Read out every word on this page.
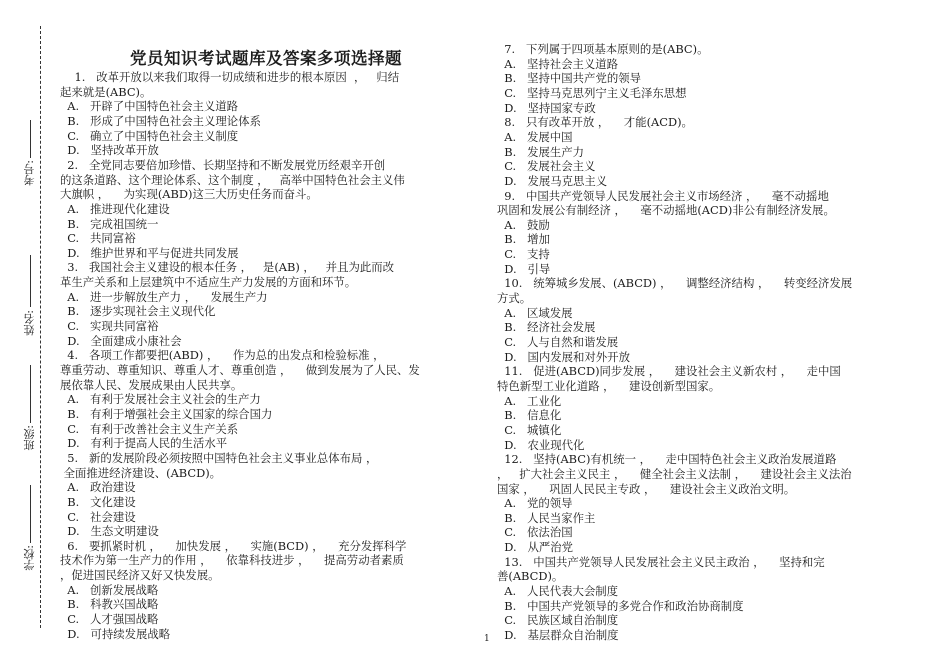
考号:
姓名:
班级:
学校:
党员知识考试题库及答案多项选择题
1.   改革开放以来我们取得一切成绩和进步的根本原因  ，   归结
起来就是(ABC)。
A.   开辟了中国特色社会主义道路
B.   形成了中国特色社会主义理论体系
C.   确立了中国特色社会主义制度
D.   坚持改革开放
2.   全党同志要倍加珍惜、长期坚持和不断发展党历经艰辛开创
的这条道路、这个理论体系、这个制度 ，   高举中国特色社会主义伟
大旗帜 ，    为实现(ABD)这三大历史任务而奋斗。
A.   推进现代化建设
B.   完成祖国统一
C.   共同富裕
D.   维护世界和平与促进共同发展
3.   我国社会主义建设的根本任务 ，   是(AB) ，   并且为此而改
革生产关系和上层建筑中不适应生产力发展的方面和环节。
A.   进一步解放生产力 ，    发展生产力
B.   逐步实现社会主义现代化
C.   实现共同富裕
D.   全面建成小康社会
4.   各项工作都要把(ABD) ，    作为总的出发点和检验标准 ，
尊重劳动、尊重知识、尊重人才、尊重创造 ，    做到发展为了人民、发
展依靠人民、发展成果由人民共享。
A.   有利于发展社会主义社会的生产力
B.   有利于增强社会主义国家的综合国力
C.   有利于改善社会主义生产关系
D.   有利于提高人民的生活水平
5.   新的发展阶段必须按照中国特色社会主义事业总体布局 ，
全面推进经济建设、(ABCD)。
A.   政治建设
B.   文化建设
C.   社会建设
D.   生态文明建设
6.   要抓紧时机 ，    加快发展 ，    实施(BCD) ，    充分发挥科学
技术作为第一生产力的作用 ，    依靠科技进步 ，    提高劳动者素质
，促进国民经济又好又快发展。
A.   创新发展战略
B.   科教兴国战略
C.   人才强国战略
D.   可持续发展战略
7.   下列属于四项基本原则的是(ABC)。
A.   坚持社会主义道路
B.   坚持中国共产党的领导
C.   坚持马克思列宁主义毛泽东思想
D.   坚持国家专政
8.   只有改革开放 ，    才能(ACD)。
A.   发展中国
B.   发展生产力
C.   发展社会主义
D.   发展马克思主义
9.   中国共产党领导人民发展社会主义市场经济 ，    毫不动摇地
巩固和发展公有制经济 ，    毫不动摇地(ACD)非公有制经济发展。
A.   鼓励
B.   增加
C.   支持
D.   引导
10.   统筹城乡发展、(ABCD) ，    调整经济结构 ，    转变经济发展
方式。
A.   区域发展
B.   经济社会发展
C.   人与自然和谐发展
D.   国内发展和对外开放
11.   促进(ABCD)同步发展 ，    建设社会主义新农村 ，    走中国
特色新型工业化道路 ，    建设创新型国家。
A.   工业化
B.   信息化
C.   城镇化
D.   农业现代化
12.   坚持(ABC)有机统一 ，    走中国特色社会主义政治发展道路
，   扩大社会主义民主 ，    健全社会主义法制 ，    建设社会主义法治
国家 ，    巩固人民民主专政 ，    建设社会主义政治文明。
A.   党的领导
B.   人民当家作主
C.   依法治国
D.   从严治党
13.   中国共产党领导人民发展社会主义民主政治 ，    坚持和完
善(ABCD)。
A.   人民代表大会制度
B.   中国共产党领导的多党合作和政治协商制度
C.   民族区域自治制度
D.   基层群众自治制度
1
